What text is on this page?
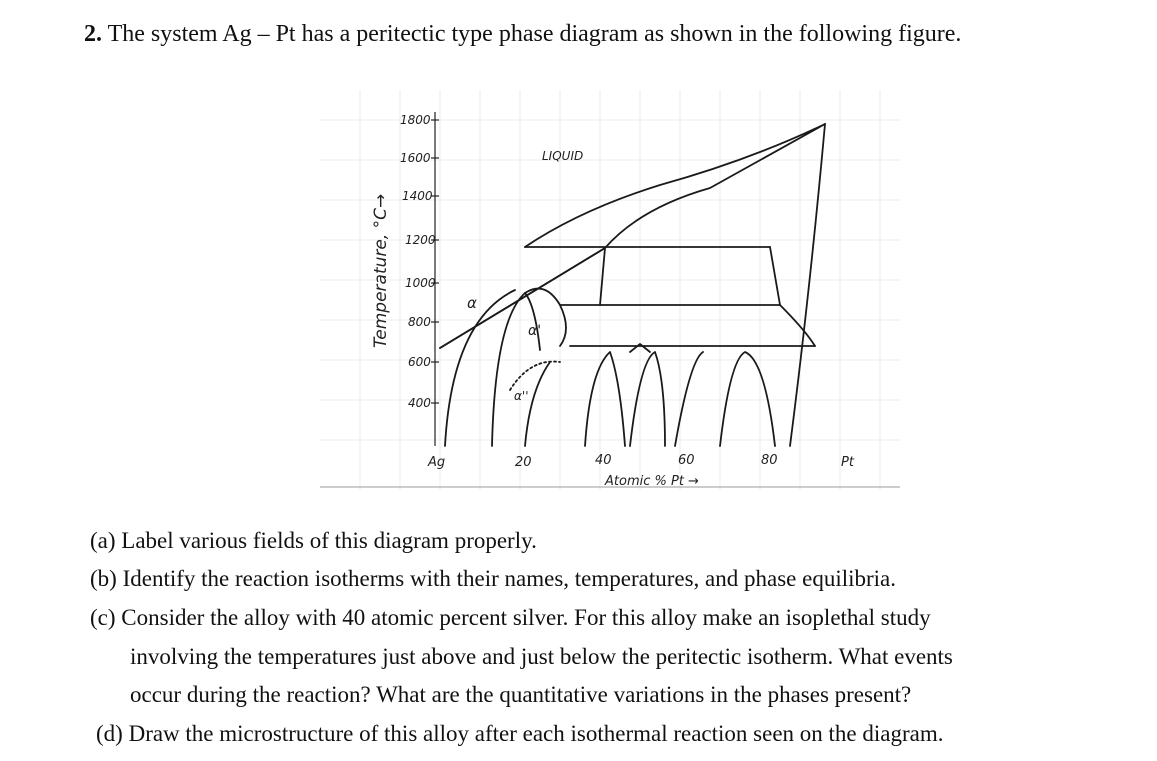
2. The system Ag – Pt has a peritectic type phase diagram as shown in the following figure.
1800
1600
1400
1200
1000
800
600
400
Temperature, °C→
LIQUID
α
α'
α''
Ag	20	40	60	80	Pt
Atomic % Pt →
(a) Label various fields of this diagram properly.
(b) Identify the reaction isotherms with their names, temperatures, and phase equilibria.
(c) Consider the alloy with 40 atomic percent silver. For this alloy make an isoplethal study
involving the temperatures just above and just below the peritectic isotherm. What events
occur during the reaction? What are the quantitative variations in the phases present?
(d) Draw the microstructure of this alloy after each isothermal reaction seen on the diagram.
